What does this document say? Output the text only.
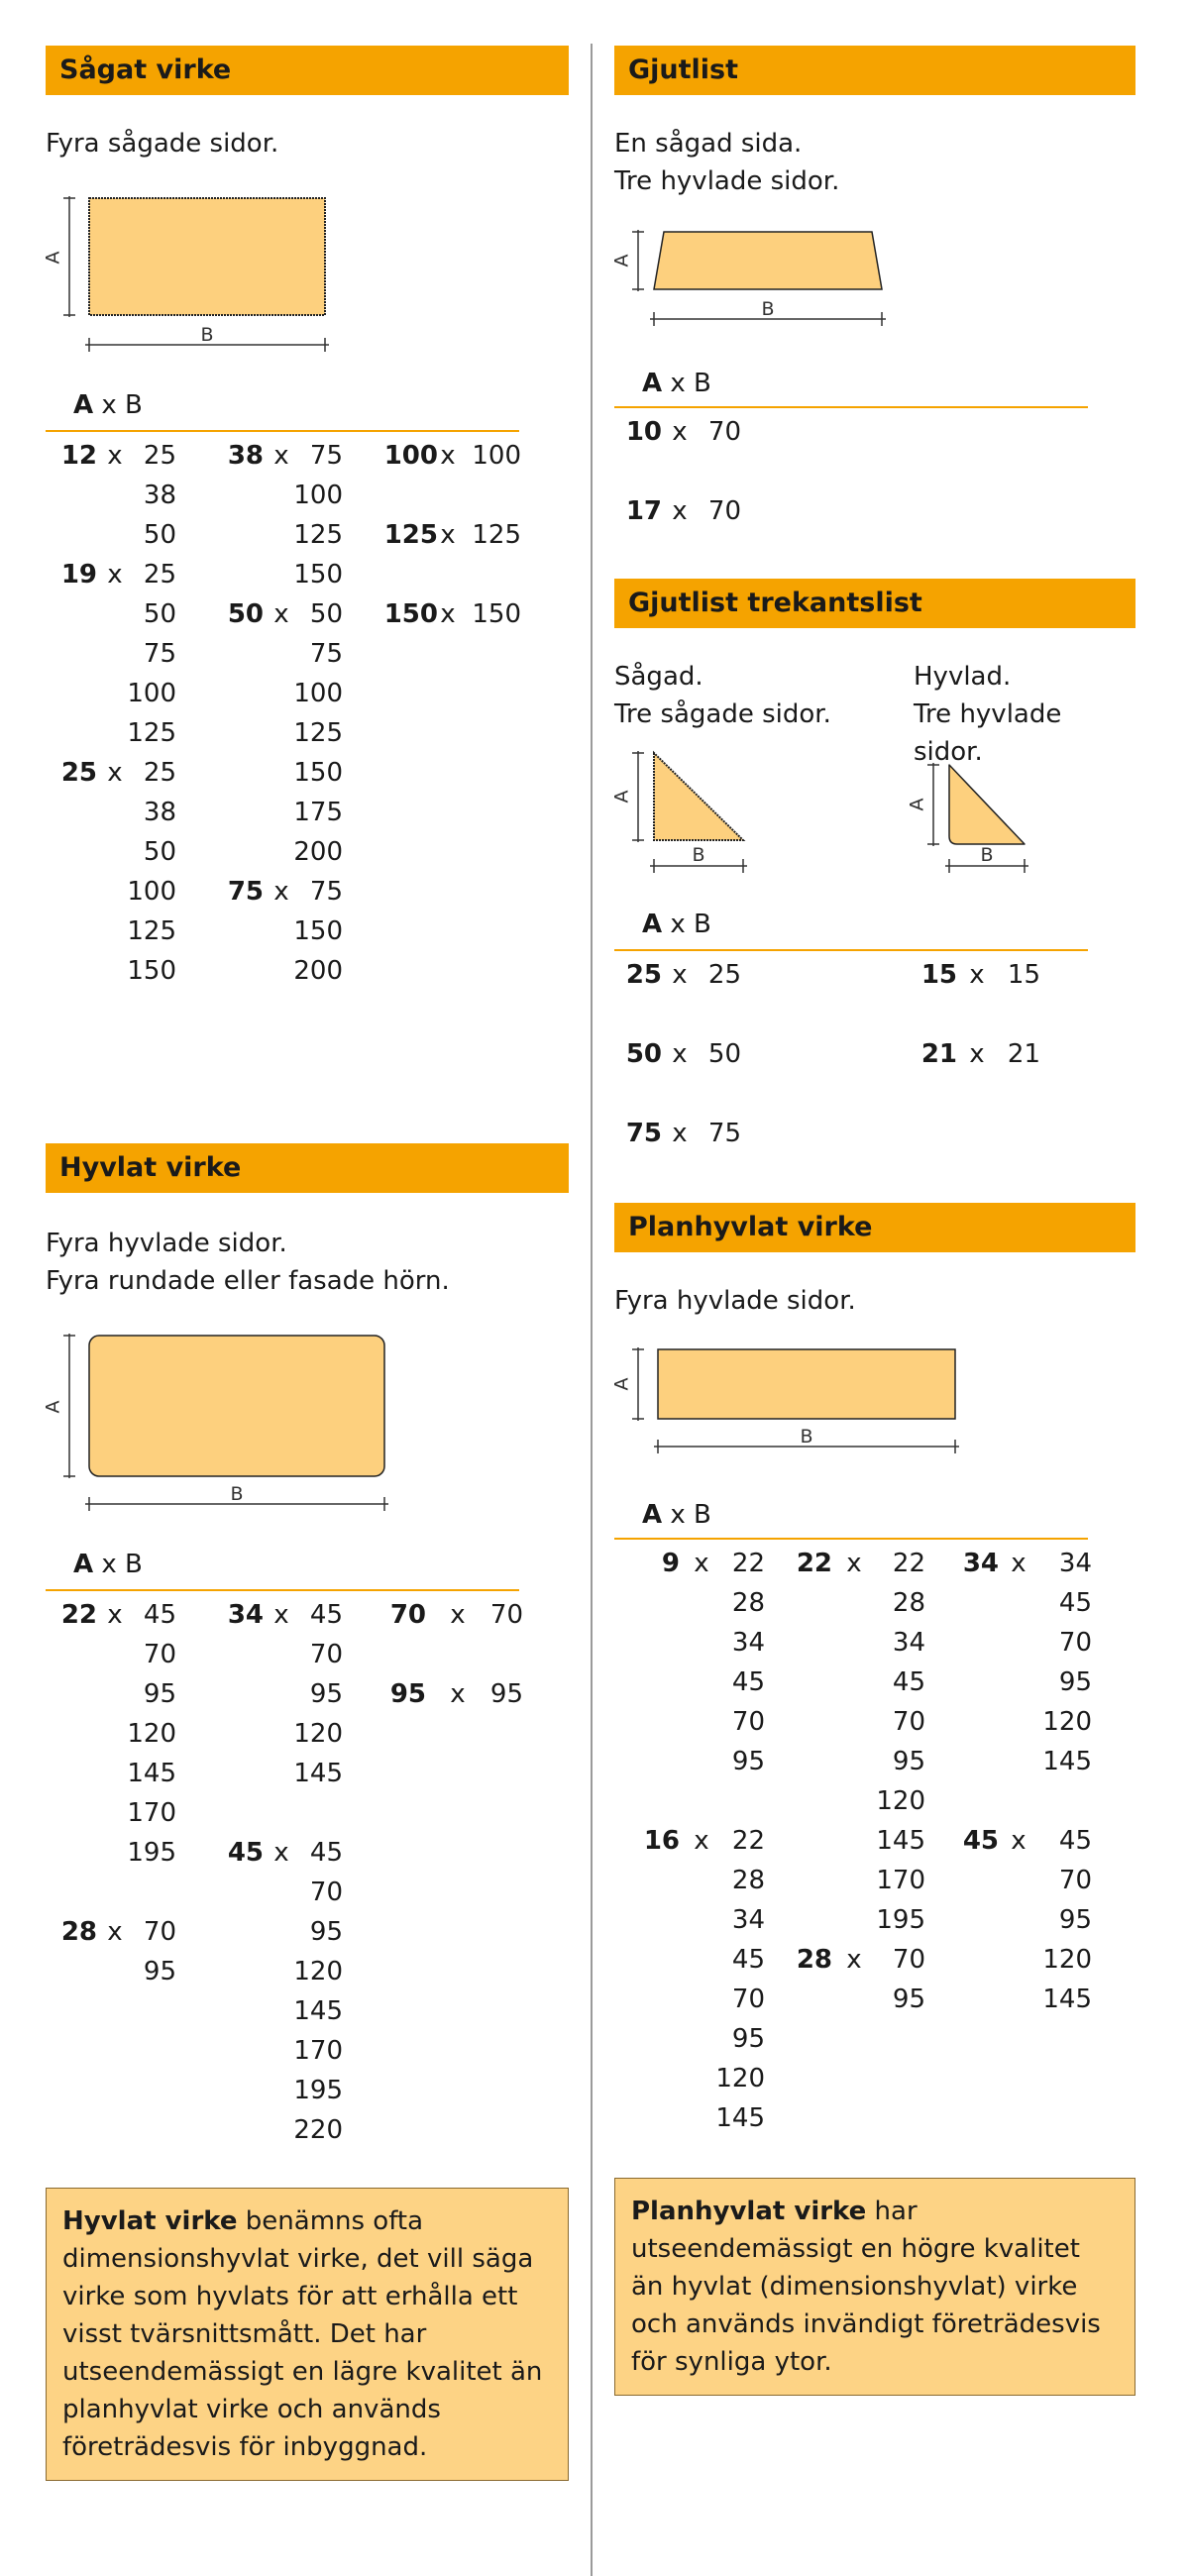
Sågat virke
Fyra sågade sidor.
A
B
A x B
12 x 25
38
50
19 x 25
50
75
100
125
25 x 25
38
50
100
125
150
38 x 75
100
125
150
50 x 50
75
100
125
150
175
200
75 x 75
150
200
100 x 100
125 x 125
150 x 150
Hyvlat virke
Fyra hyvlade sidor.
Fyra rundade eller fasade hörn.
A
B
A x B
22 x 45
70
95
120
145
170
195
28 x 70
95
34 x 45
70
95
120
145
45 x 45
70
95
120
145
170
195
220
70 x 70
95 x 95
Hyvlat virke benämns ofta dimensionshyvlat virke, det vill säga virke som hyvlats för att erhålla ett visst tvärsnittsmått. Det har utseendemässigt en lägre kvalitet än planhyvlat virke och används företrädesvis för inbyggnad.
Gjutlist
En sågad sida.
Tre hyvlade sidor.
A
B
A x B
10 x 70
17 x 70
Gjutlist trekantslist
Sågad.
Tre sågade sidor.
Hyvlad.
Tre hyvlade sidor.
A
B
A
B
A x B
25 x 25
50 x 50
75 x 75
15 x 15
21 x 21
Planhyvlat virke
Fyra hyvlade sidor.
A
B
A x B
9 x 22
28
34
45
70
95
16 x 22
28
34
45
70
95
120
145
22 x	22
28
34
45
70
95
120
145
170
195
28 x	70
95
34 x	34
45
70
95
120
145
45 x	45
70
95
120
145
Planhyvlat virke har utseendemässigt en högre kvalitet än hyvlat (dimensionshyvlat) virke och används invändigt företrädesvis för synliga ytor.
